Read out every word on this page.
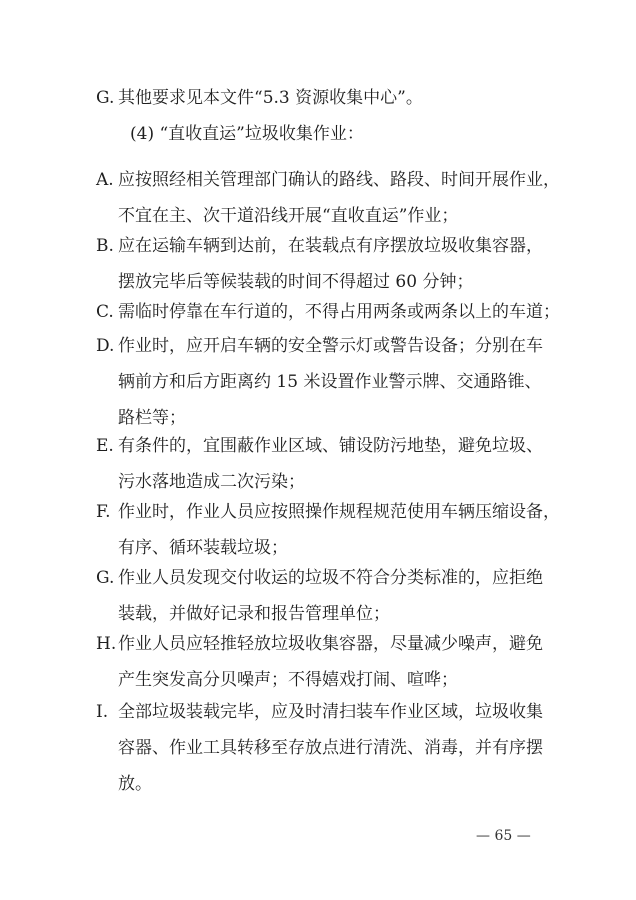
G. 其他要求见本文件“5.3 资源收集中心”。
(4) “直收直运”垃圾收集作业：
A. 应按照经相关管理部门确认的路线、路段、时间开展作业，
不宜在主、次干道沿线开展“直收直运”作业；
B. 应在运输车辆到达前，在装载点有序摆放垃圾收集容器，
摆放完毕后等候装载的时间不得超过 60 分钟；
C. 需临时停靠在车行道的，不得占用两条或两条以上的车道；
D. 作业时，应开启车辆的安全警示灯或警告设备；分别在车
辆前方和后方距离约 15 米设置作业警示牌、交通路锥、
路栏等；
E. 有条件的，宜围蔽作业区域、铺设防污地垫，避免垃圾、
污水落地造成二次污染；
F. 作业时，作业人员应按照操作规程规范使用车辆压缩设备，
有序、循环装载垃圾；
G. 作业人员发现交付收运的垃圾不符合分类标准的，应拒绝
装载，并做好记录和报告管理单位；
H. 作业人员应轻推轻放垃圾收集容器，尽量减少噪声，避免
产生突发高分贝噪声；不得嬉戏打闹、喧哗；
I. 全部垃圾装载完毕，应及时清扫装车作业区域，垃圾收集
容器、作业工具转移至存放点进行清洗、消毒，并有序摆
放。
— 65 —
